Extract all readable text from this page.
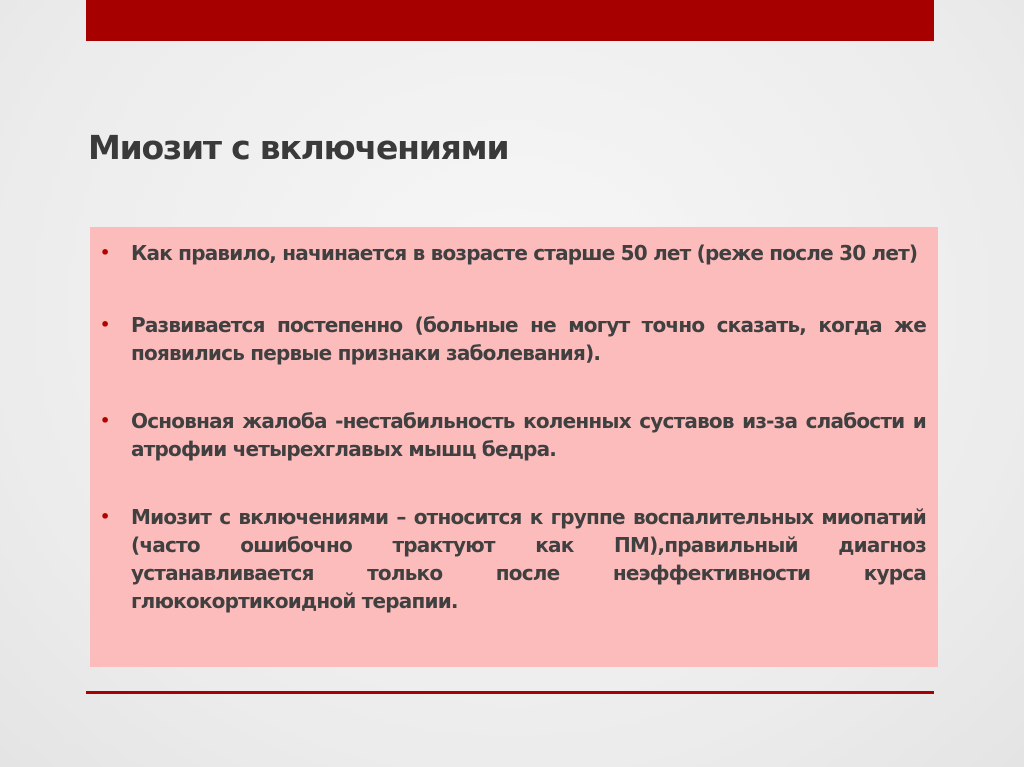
Миозит с включениями
• Как правило, начинается в возрасте старше 50 лет (реже после 30 лет)
• Развивается постепенно (больные не могут точно сказать, когда же появились первые признаки заболевания).
• Основная жалоба -нестабильность коленных суставов из-за слабости и атрофии четырехглавых мышц бедра.
• Миозит с включениями – относится к группе воспалительных миопатий (часто ошибочно трактуют как ПМ),правильный диагноз устанавливается только после неэффективности курса глюкокортикоидной терапии.
